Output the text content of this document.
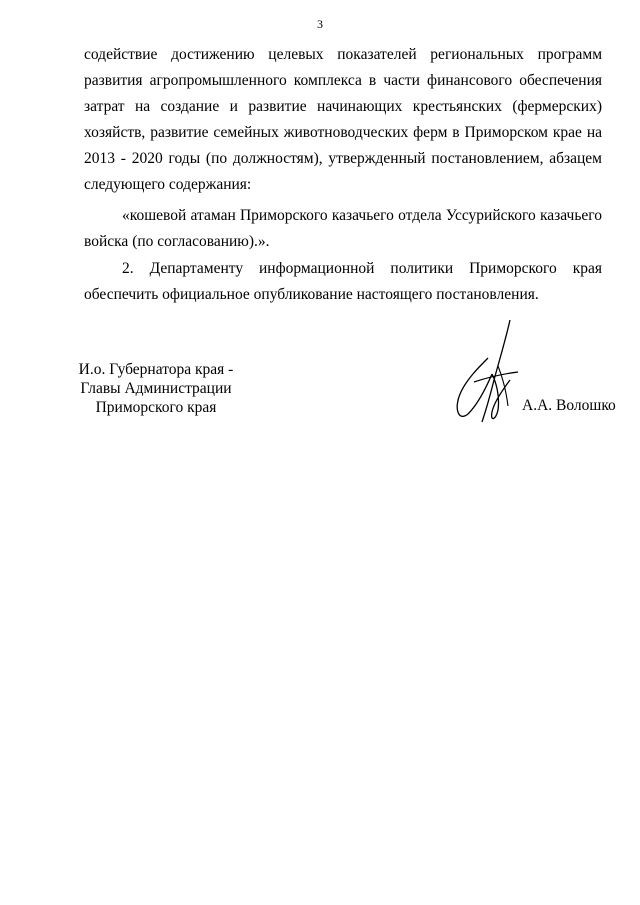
3

содействие достижению целевых показателей региональных программ развития агропромышленного комплекса в части финансового обеспечения затрат на создание и развитие начинающих крестьянских (фермерских) хозяйств, развитие семейных животноводческих ферм в Приморском крае на 2013 - 2020 годы (по должностям), утвержденный постановлением, абзацем следующего содержания:

«кошевой атаман Приморского казачьего отдела Уссурийского казачьего войска (по согласованию).».

2. Департаменту информационной политики Приморского края обеспечить официальное опубликование настоящего постановления.

И.о. Губернатора края -
Главы Администрации
Приморского края	А.А. Волошко
